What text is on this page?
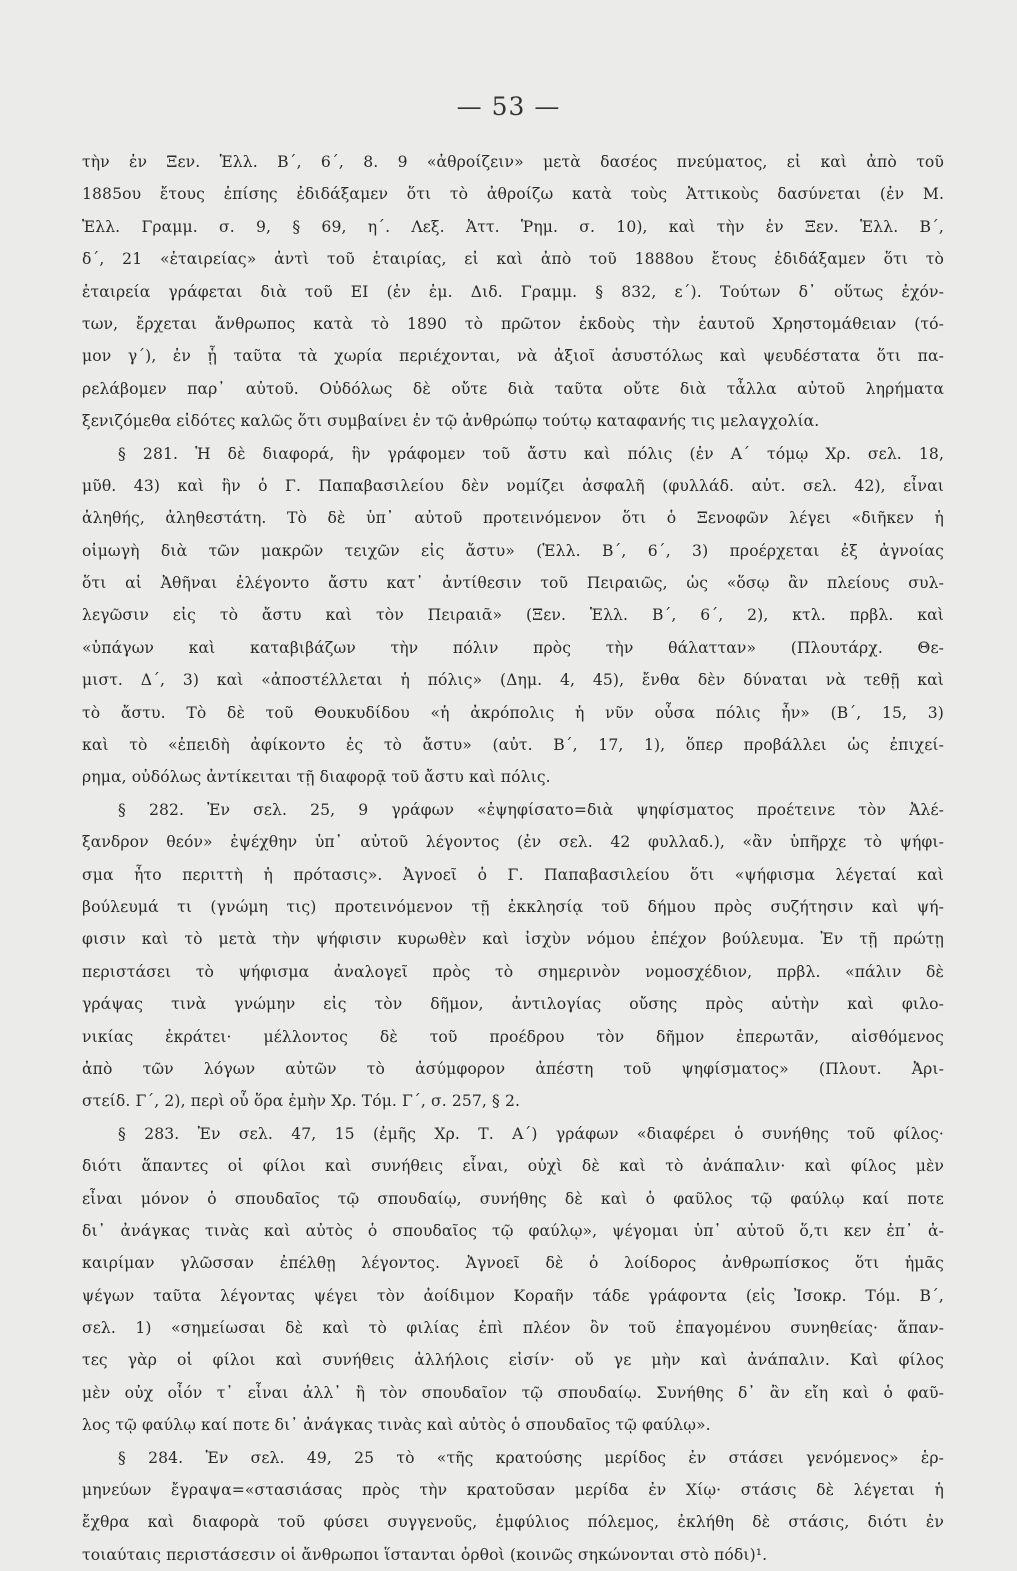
— 53 —
τὴν ἐν Ξεν. Ἑλλ. Β΄, 6΄, 8. 9 «ἀθροίζειν» μετὰ δασέος πνεύματος, εἰ καὶ ἀπὸ τοῦ
1885ου ἔτους ἐπίσης ἐδιδάξαμεν ὅτι τὸ ἀθροίζω κατὰ τοὺς Ἀττικοὺς δασύνεται (ἐν Μ.
Ἑλλ. Γραμμ. σ. 9, § 69, η΄. Λεξ. Ἀττ. Ῥημ. σ. 10), καὶ τὴν ἐν Ξεν. Ἑλλ. Β΄,
δ΄, 21 «ἑταιρείας» ἀντὶ τοῦ ἑταιρίας, εἰ καὶ ἀπὸ τοῦ 1888ου ἔτους ἐδιδάξαμεν ὅτι τὸ
ἑταιρεία γράφεται διὰ τοῦ ΕΙ (ἐν ἐμ. Διδ. Γραμμ. § 832, ε΄). Τούτων δ᾽ οὕτως ἐχόν-
των, ἔρχεται ἄνθρωπος κατὰ τὸ 1890 τὸ πρῶτον ἐκδοὺς τὴν ἑαυτοῦ Χρηστομάθειαν (τό-
μον γ΄), ἐν ᾗ ταῦτα τὰ χωρία περιέχονται, νὰ ἀξιοῖ ἀσυστόλως καὶ ψευδέστατα ὅτι πα-
ρελάβομεν παρ᾽ αὐτοῦ. Οὐδόλως δὲ οὔτε διὰ ταῦτα οὔτε διὰ τἆλλα αὐτοῦ ληρήματα
ξενιζόμεθα εἰδότες καλῶς ὅτι συμβαίνει ἐν τῷ ἀνθρώπῳ τούτῳ καταφανής τις μελαγχολία.
§ 281. Ἡ δὲ διαφορά, ἣν γράφομεν τοῦ ἄστυ καὶ πόλις (ἐν Α΄ τόμῳ Χρ. σελ. 18,
μῦθ. 43) καὶ ἣν ὁ Γ. Παπαβασιλείου δὲν νομίζει ἀσφαλῆ (φυλλάδ. αὐτ. σελ. 42), εἶναι
ἀληθής, ἀληθεστάτη. Τὸ δὲ ὑπ᾽ αὐτοῦ προτεινόμενον ὅτι ὁ Ξενοφῶν λέγει «διῆκεν ἡ
οἰμωγὴ διὰ τῶν μακρῶν τειχῶν εἰς ἄστυ» (Ἑλλ. Β΄, 6΄, 3) προέρχεται ἐξ ἀγνοίας
ὅτι αἱ Ἀθῆναι ἐλέγοντο ἄστυ κατ᾽ ἀντίθεσιν τοῦ Πειραιῶς, ὡς «ὅσῳ ἂν πλείους συλ-
λεγῶσιν εἰς τὸ ἄστυ καὶ τὸν Πειραιᾶ» (Ξεν. Ἑλλ. Β΄, 6΄, 2), κτλ. πρβλ. καὶ
«ὑπάγων καὶ καταβιβάζων τὴν πόλιν πρὸς τὴν θάλατταν» (Πλουτάρχ. Θε-
μιστ. Δ΄, 3) καὶ «ἀποστέλλεται ἡ πόλις» (Δημ. 4, 45), ἔνθα δὲν δύναται νὰ τεθῇ καὶ
τὸ ἄστυ. Τὸ δὲ τοῦ Θουκυδίδου «ἡ ἀκρόπολις ἡ νῦν οὖσα πόλις ἦν» (Β΄, 15, 3)
καὶ τὸ «ἐπειδὴ ἀφίκοντο ἐς τὸ ἄστυ» (αὐτ. Β΄, 17, 1), ὅπερ προβάλλει ὡς ἐπιχεί-
ρημα, οὐδόλως ἀντίκειται τῇ διαφορᾷ τοῦ ἄστυ καὶ πόλις.
§ 282. Ἐν σελ. 25, 9 γράφων «ἐψηφίσατο=διὰ ψηφίσματος προέτεινε τὸν Ἀλέ-
ξανδρον θεόν» ἐψέχθην ὑπ᾽ αὐτοῦ λέγοντος (ἐν σελ. 42 φυλλαδ.), «ἂν ὑπῆρχε τὸ ψήφι-
σμα ἦτο περιττὴ ἡ πρότασις». Ἀγνοεῖ ὁ Γ. Παπαβασιλείου ὅτι «ψήφισμα λέγεταί καὶ
βούλευμά τι (γνώμη τις) προτεινόμενον τῇ ἐκκλησίᾳ τοῦ δήμου πρὸς συζήτησιν καὶ ψή-
φισιν καὶ τὸ μετὰ τὴν ψήφισιν κυρωθὲν καὶ ἰσχὺν νόμου ἐπέχον βούλευμα. Ἐν τῇ πρώτῃ
περιστάσει τὸ ψήφισμα ἀναλογεῖ πρὸς τὸ σημερινὸν νομοσχέδιον, πρβλ. «πάλιν δὲ
γράψας τινὰ γνώμην εἰς τὸν δῆμον, ἀντιλογίας οὔσης πρὸς αὐτὴν καὶ φιλο-
νικίας ἐκράτει· μέλλοντος δὲ τοῦ προέδρου τὸν δῆμον ἐπερωτᾶν, αἰσθόμενος
ἀπὸ τῶν λόγων αὐτῶν τὸ ἀσύμφορον ἀπέστη τοῦ ψηφίσματος» (Πλουτ. Ἀρι-
στείδ. Γ΄, 2), περὶ οὗ ὅρα ἐμὴν Χρ. Τόμ. Γ΄, σ. 257, § 2.
§ 283. Ἐν σελ. 47, 15 (ἐμῆς Χρ. Τ. Α΄) γράφων «διαφέρει ὁ συνήθης τοῦ φίλος·
διότι ἅπαντες οἱ φίλοι καὶ συνήθεις εἶναι, οὐχὶ δὲ καὶ τὸ ἀνάπαλιν· καὶ φίλος μὲν
εἶναι μόνον ὁ σπουδαῖος τῷ σπουδαίῳ, συνήθης δὲ καὶ ὁ φαῦλος τῷ φαύλῳ καί ποτε
δι᾽ ἀνάγκας τινὰς καὶ αὐτὸς ὁ σπουδαῖος τῷ φαύλῳ», ψέγομαι ὑπ᾽ αὐτοῦ ὅ,τι κεν ἐπ᾽ ἀ-
καιρίμαν γλῶσσαν ἐπέλθῃ λέγοντος. Ἀγνοεῖ δὲ ὁ λοίδορος ἀνθρωπίσκος ὅτι ἡμᾶς
ψέγων ταῦτα λέγοντας ψέγει τὸν ἀοίδιμον Κοραῆν τάδε γράφοντα (εἰς Ἰσοκρ. Τόμ. Β΄,
σελ. 1) «σημείωσαι δὲ καὶ τὸ φιλίας ἐπὶ πλέον ὂν τοῦ ἐπαγομένου συνηθείας· ἅπαν-
τες γὰρ οἱ φίλοι καὶ συνήθεις ἀλλήλοις εἰσίν· οὔ γε μὴν καὶ ἀνάπαλιν. Καὶ φίλος
μὲν οὐχ οἷόν τ᾽ εἶναι ἀλλ᾽ ἢ τὸν σπουδαῖον τῷ σπουδαίῳ. Συνήθης δ᾽ ἂν εἴη καὶ ὁ φαῦ-
λος τῷ φαύλῳ καί ποτε δι᾽ ἀνάγκας τινὰς καὶ αὐτὸς ὁ σπουδαῖος τῷ φαύλῳ».
§ 284. Ἐν σελ. 49, 25 τὸ «τῆς κρατούσης μερίδος ἐν στάσει γενόμενος» ἑρ-
μηνεύων ἔγραψα=«στασιάσας πρὸς τὴν κρατοῦσαν μερίδα ἐν Χίῳ· στάσις δὲ λέγεται ἡ
ἔχθρα καὶ διαφορὰ τοῦ φύσει συγγενοῦς, ἐμφύλιος πόλεμος, ἐκλήθη δὲ στάσις, διότι ἐν
τοιαύταις περιστάσεσιν οἱ ἄνθρωποι ἵστανται ὀρθοὶ (κοινῶς σηκώνονται στὸ πόδι)¹.
